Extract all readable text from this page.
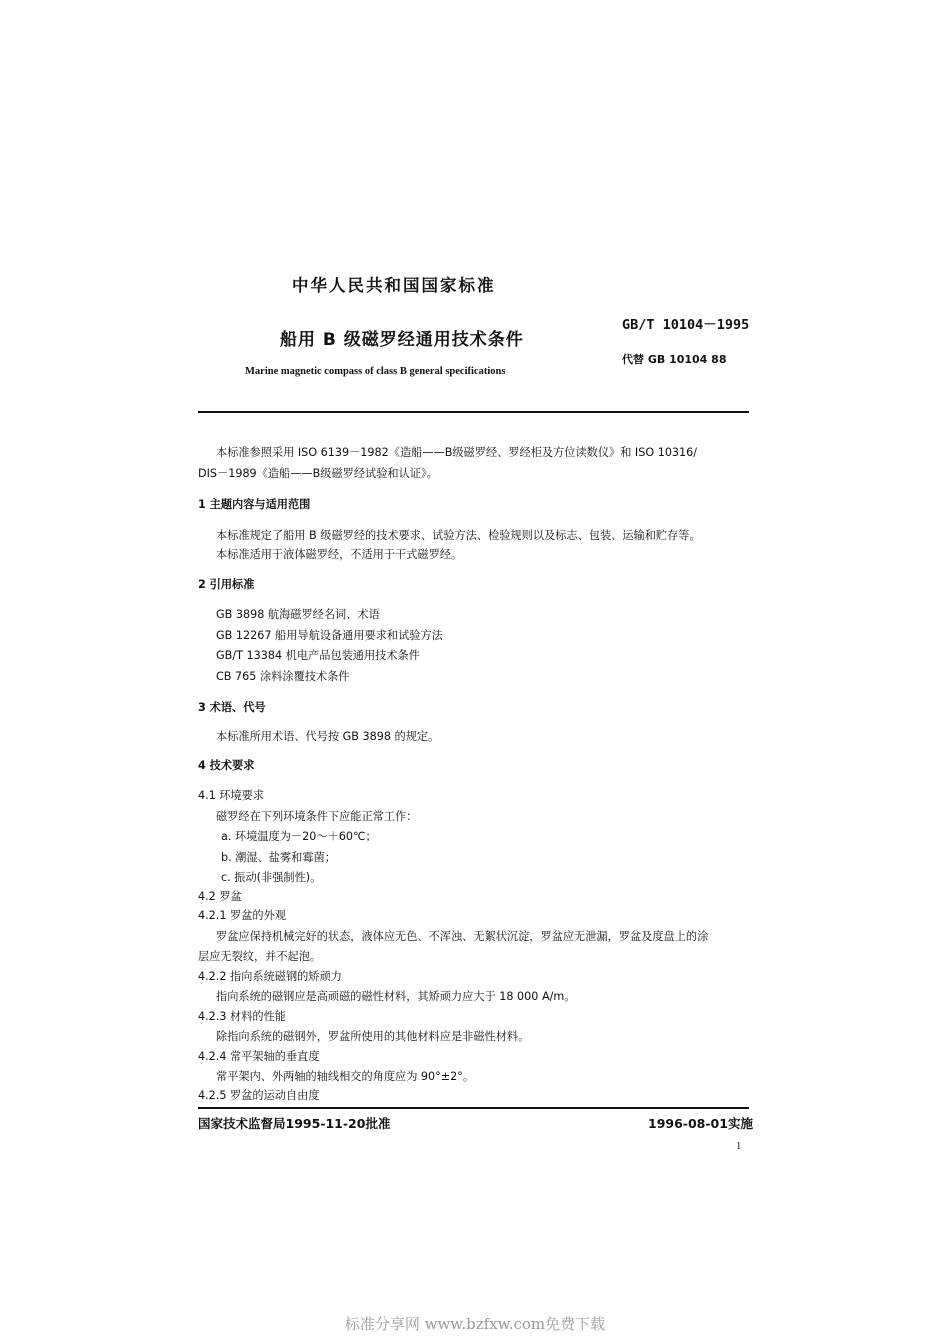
中华人民共和国国家标准
GB/T 10104－1995
船用 B 级磁罗经通用技术条件
代替 GB 10104 88
Marine magnetic compass of class B general specifications
本标准参照采用 ISO 6139－1982《造船——B级磁罗经、罗经柜及方位读数仪》和 ISO 10316/
DIS－1989《造船——B级磁罗经试验和认证》。
1 主题内容与适用范围
本标准规定了船用 B 级磁罗经的技术要求、试验方法、检验规则以及标志、包装、运输和贮存等。
本标准适用于液体磁罗经，不适用于干式磁罗经。
2 引用标准
GB 3898 航海磁罗经名词、术语
GB 12267 船用导航设备通用要求和试验方法
GB/T 13384 机电产品包装通用技术条件
CB 765 涂料涂覆技术条件
3 术语、代号
本标准所用术语、代号按 GB 3898 的规定。
4 技术要求
4.1 环境要求
磁罗经在下列环境条件下应能正常工作：
a. 环境温度为－20～＋60℃；
b. 潮湿、盐雾和霉菌；
c. 振动(非强制性)。
4.2 罗盆
4.2.1 罗盆的外观
罗盆应保持机械完好的状态，液体应无色、不浑浊、无絮状沉淀，罗盆应无泄漏，罗盆及度盘上的涂
层应无裂纹，并不起泡。
4.2.2 指向系统磁钢的矫顽力
指向系统的磁钢应是高顽磁的磁性材料，其矫顽力应大于 18 000 A/m。
4.2.3 材料的性能
除指向系统的磁钢外，罗盆所使用的其他材料应是非磁性材料。
4.2.4 常平架轴的垂直度
常平架内、外两轴的轴线相交的角度应为 90°±2°。
4.2.5 罗盆的运动自由度
国家技术监督局1995-11-20批准	1996-08-01实施
1
标准分享网 www.bzfxw.com免费下载
